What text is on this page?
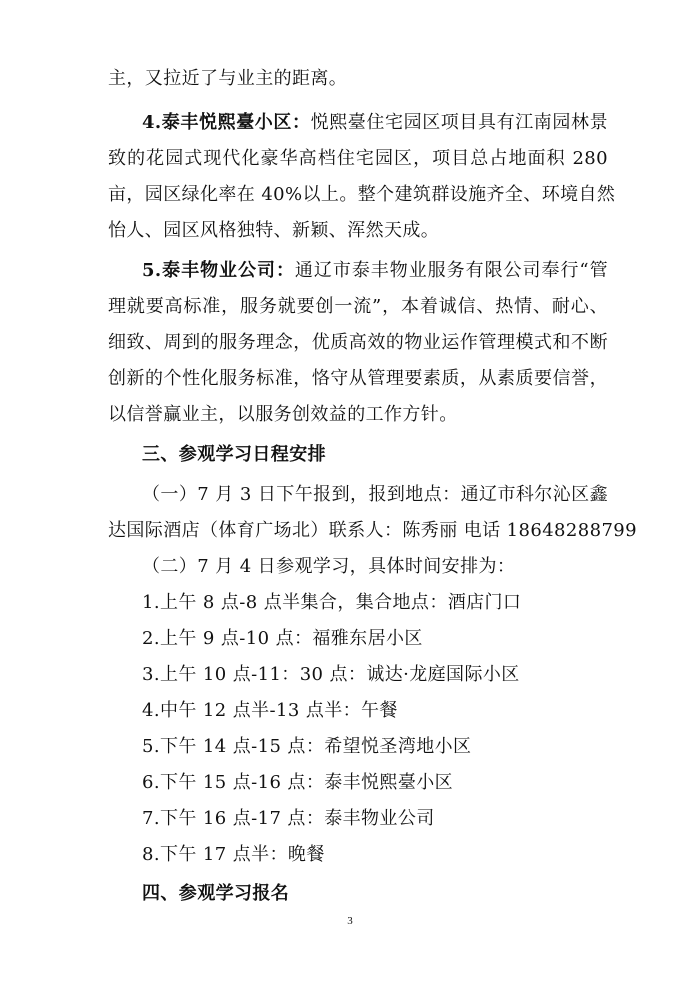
主，又拉近了与业主的距离。
4.泰丰悦熙臺小区：悦熙臺住宅园区项目具有江南园林景
致的花园式现代化豪华高档住宅园区，项目总占地面积 280
亩，园区绿化率在 40%以上。整个建筑群设施齐全、环境自然
怡人、园区风格独特、新颖、浑然天成。
5.泰丰物业公司：通辽市泰丰物业服务有限公司奉行“管
理就要高标准，服务就要创一流”，本着诚信、热情、耐心、
细致、周到的服务理念，优质高效的物业运作管理模式和不断
创新的个性化服务标准，恪守从管理要素质，从素质要信誉，
以信誉赢业主，以服务创效益的工作方针。
三、参观学习日程安排
（一）7 月 3 日下午报到，报到地点：通辽市科尔沁区鑫
达国际酒店（体育广场北）联系人：陈秀丽 电话 18648288799
（二）7 月 4 日参观学习，具体时间安排为：
1.上午 8 点-8 点半集合，集合地点：酒店门口
2.上午 9 点-10 点：福雅东居小区
3.上午 10 点-11：30 点：诚达·龙庭国际小区
4.中午 12 点半-13 点半：午餐
5.下午 14 点-15 点：希望悦圣湾地小区
6.下午 15 点-16 点：泰丰悦熙臺小区
7.下午 16 点-17 点：泰丰物业公司
8.下午 17 点半：晚餐
四、参观学习报名
3
